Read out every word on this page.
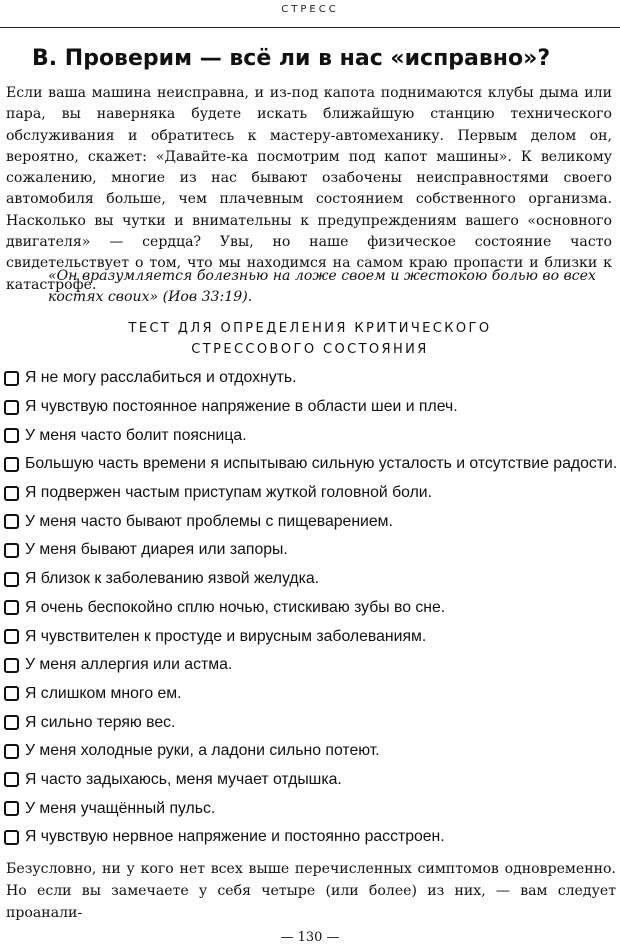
СТРЕСС
В. Проверим — всё ли в нас «исправно»?

Если ваша машина неисправна, и из-под капота поднимаются клубы дыма или пара, вы наверняка будете искать ближайшую станцию технического обслуживания и обратитесь к мастеру-автомеханику. Первым делом он, вероятно, скажет: «Давайте-ка посмотрим под капот машины». К великому сожалению, многие из нас бывают озабочены неисправностями своего автомобиля больше, чем плачевным состоянием собственного организма. Насколько вы чутки и внимательны к предупреждениям вашего «основного двигателя» — сердца? Увы, но наше физическое состояние часто свидетельствует о том, что мы находимся на самом краю пропасти и близки к катастрофе.

«Он вразумляется болезнью на ложе своем и жестокою болью во всех костях своих» (Иов 33:19).

ТЕСТ ДЛЯ ОПРЕДЕЛЕНИЯ КРИТИЧЕСКОГО
СТРЕССОВОГО СОСТОЯНИЯ
Я не могу расслабиться и отдохнуть.
Я чувствую постоянное напряжение в области шеи и плеч.
У меня часто болит поясница.
Большую часть времени я испытываю сильную усталость и отсутствие радости.
Я подвержен частым приступам жуткой головной боли.
У меня часто бывают проблемы с пищеварением.
У меня бывают диарея или запоры.
Я близок к заболеванию язвой желудка.
Я очень беспокойно сплю ночью, стискиваю зубы во сне.
Я чувствителен к простуде и вирусным заболеваниям.
У меня аллергия или астма.
Я слишком много ем.
Я сильно теряю вес.
У меня холодные руки, а ладони сильно потеют.
Я часто задыхаюсь, меня мучает отдышка.
У меня учащённый пульс.
Я чувствую нервное напряжение и постоянно расстроен.

Безусловно, ни у кого нет всех выше перечисленных симптомов одновременно. Но если вы замечаете у себя четыре (или более) из них, — вам следует проанали-

— 130 —
